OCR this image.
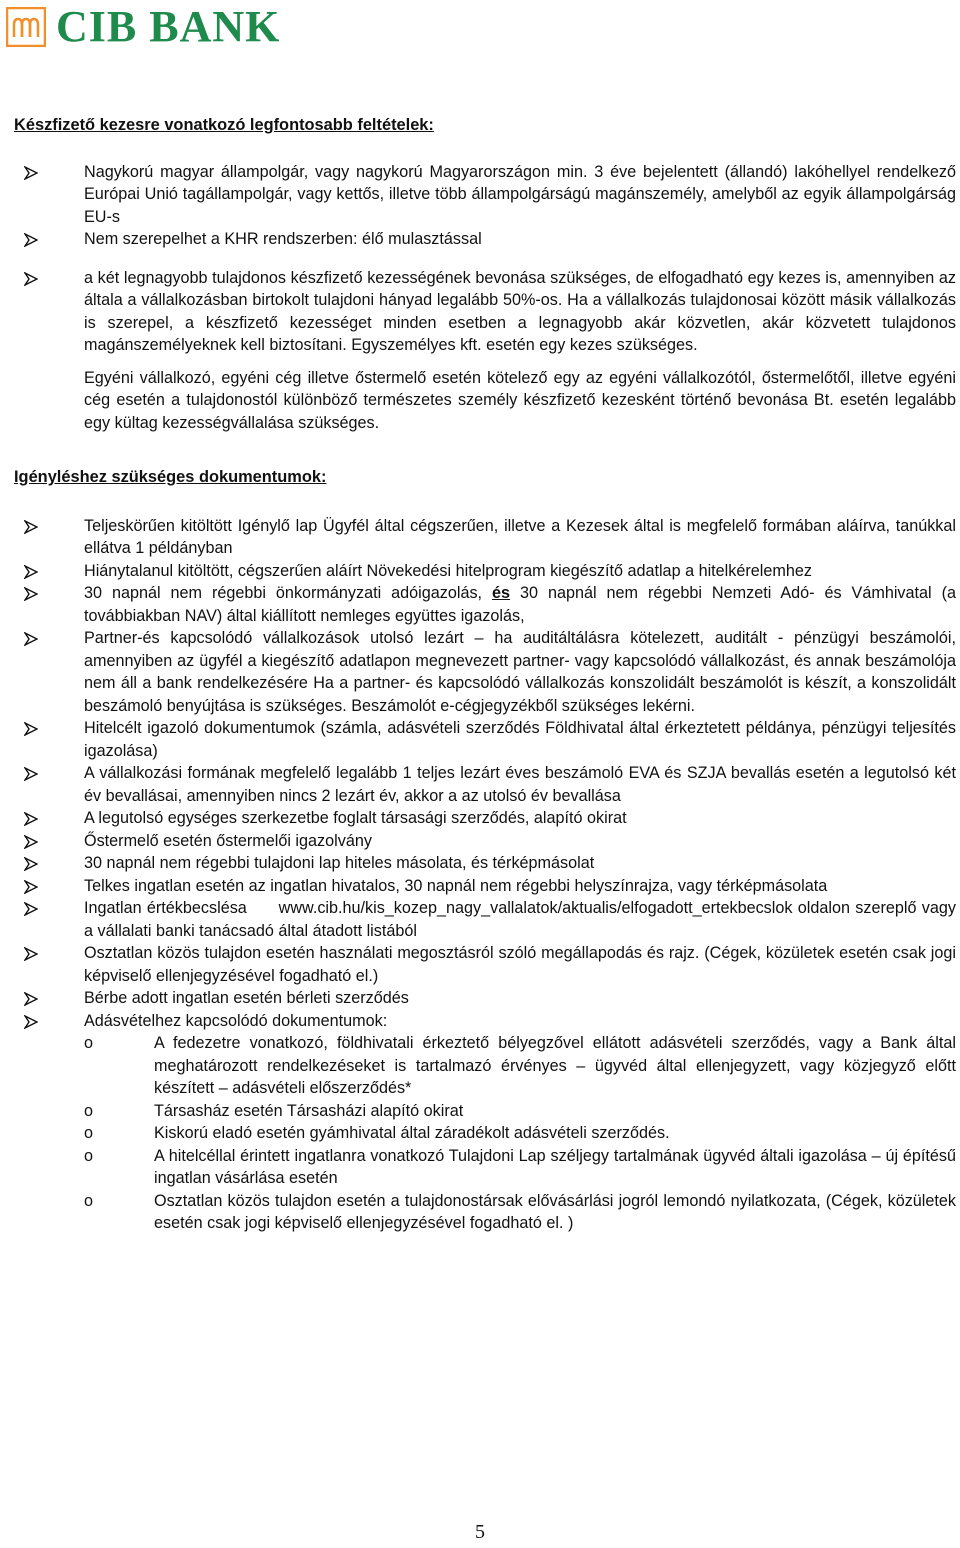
CIB BANK

Készfizető kezesre vonatkozó legfontosabb feltételek:

Nagykorú magyar állampolgár, vagy nagykorú Magyarországon min. 3 éve bejelentett (állandó) lakóhellyel rendelkező Európai Unió tagállampolgár, vagy kettős, illetve több állampolgárságú magánszemély, amelyből az egyik állampolgárság EU-s
Nem szerepelhet a KHR rendszerben: élő mulasztással
a két legnagyobb tulajdonos készfizető kezességének bevonása szükséges, de elfogadható egy kezes is, amennyiben az általa a vállalkozásban birtokolt tulajdoni hányad legalább 50%-os. Ha a vállalkozás tulajdonosai között másik vállalkozás is szerepel, a készfizető kezességet minden esetben a legnagyobb akár közvetlen, akár közvetett tulajdonos magánszemélyeknek kell biztosítani. Egyszemélyes kft. esetén egy kezes szükséges.

Egyéni vállalkozó, egyéni cég illetve őstermelő esetén kötelező egy az egyéni vállalkozótól, őstermelőtől, illetve egyéni cég esetén a tulajdonostól különböző természetes személy készfizető kezesként történő bevonása Bt. esetén legalább egy kültag kezességvállalása szükséges.

Igényléshez szükséges dokumentumok:

Teljeskörűen kitöltött Igénylő lap Ügyfél által cégszerűen, illetve a Kezesek által is megfelelő formában aláírva, tanúkkal ellátva 1 példányban
Hiánytalanul kitöltött, cégszerűen aláírt Növekedési hitelprogram kiegészítő adatlap a hitelkérelemhez
30 napnál nem régebbi önkormányzati adóigazolás, és 30 napnál nem régebbi Nemzeti Adó- és Vámhivatal (a továbbiakban NAV) által kiállított nemleges együttes igazolás,
Partner-és kapcsolódó vállalkozások utolsó lezárt – ha auditáltálásra kötelezett, auditált - pénzügyi beszámolói, amennyiben az ügyfél a kiegészítő adatlapon megnevezett partner- vagy kapcsolódó vállalkozást, és annak beszámolója nem áll a bank rendelkezésére Ha a partner- és kapcsolódó vállalkozás konszolidált beszámolót is készít, a konszolidált beszámoló benyújtása is szükséges. Beszámolót e-cégjegyzékből szükséges lekérni.
Hitelcélt igazoló dokumentumok (számla, adásvételi szerződés Földhivatal által érkeztetett példánya, pénzügyi teljesítés igazolása)
A vállalkozási formának megfelelő legalább 1 teljes lezárt éves beszámoló EVA és SZJA bevallás esetén a legutolsó két év bevallásai, amennyiben nincs 2 lezárt év, akkor a az utolsó év bevallása
A legutolsó egységes szerkezetbe foglalt társasági szerződés, alapító okirat
Őstermelő esetén őstermelői igazolvány
30 napnál nem régebbi tulajdoni lap hiteles másolata, és térképmásolat
Telkes ingatlan esetén az ingatlan hivatalos, 30 napnál nem régebbi helyszínrajza, vagy térképmásolata
Ingatlan értékbecslésa www.cib.hu/kis_kozep_nagy_vallalatok/aktualis/elfogadott_ertekbecslok oldalon szereplő vagy a vállalati banki tanácsadó által átadott listából
Osztatlan közös tulajdon esetén használati megosztásról szóló megállapodás és rajz. (Cégek, közületek esetén csak jogi képviselő ellenjegyzésével fogadható el.)
Bérbe adott ingatlan esetén bérleti szerződés
Adásvételhez kapcsolódó dokumentumok:
o	A fedezetre vonatkozó, földhivatali érkeztető bélyegzővel ellátott adásvételi szerződés, vagy a Bank által meghatározott rendelkezéseket is tartalmazó érvényes – ügyvéd által ellenjegyzett, vagy közjegyző előtt készített – adásvételi előszerződés*
o	Társasház esetén Társasházi alapító okirat
o	Kiskorú eladó esetén gyámhivatal által záradékolt adásvételi szerződés.
o	A hitelcéllal érintett ingatlanra vonatkozó Tulajdoni Lap széljegy tartalmának ügyvéd általi igazolása – új építésű ingatlan vásárlása esetén
o	Osztatlan közös tulajdon esetén a tulajdonostársak elővásárlási jogról lemondó nyilatkozata, (Cégek, közületek esetén csak jogi képviselő ellenjegyzésével fogadható el. )
5
